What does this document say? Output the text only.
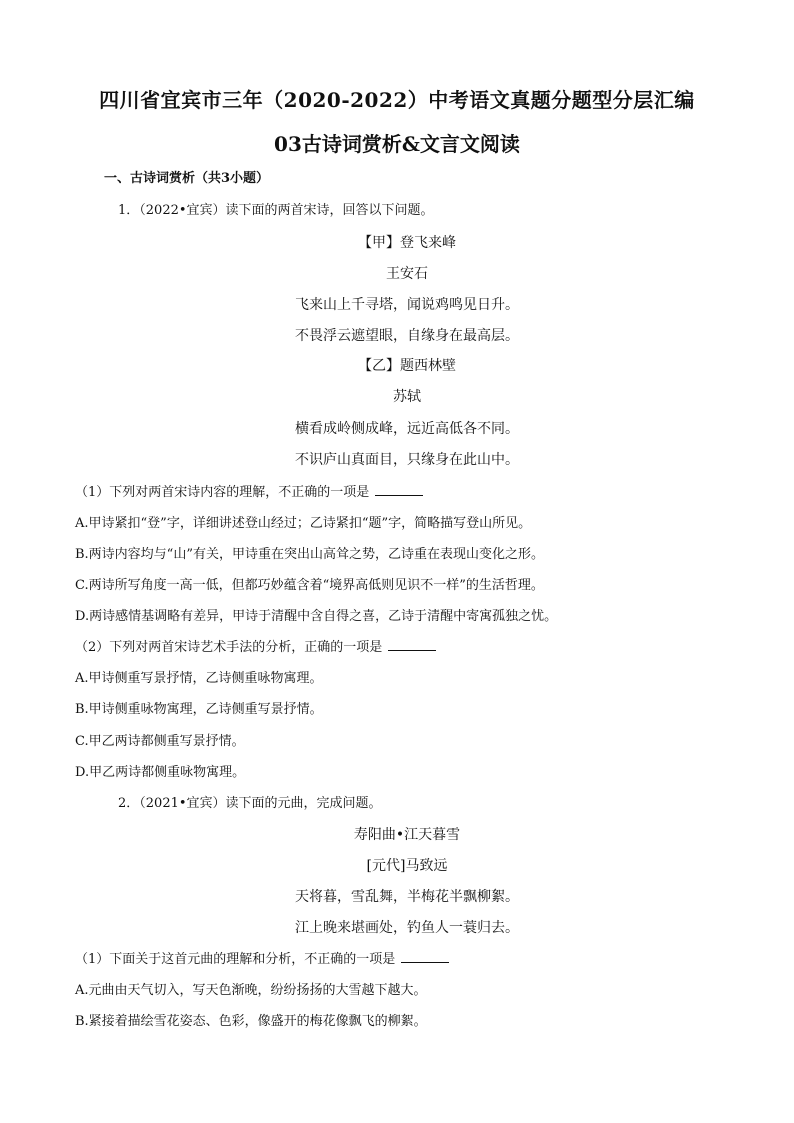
四川省宜宾市三年（2020-2022）中考语文真题分题型分层汇编
03古诗词赏析&文言文阅读
一、古诗词赏析（共3小题）
1．（2022•宜宾）读下面的两首宋诗，回答以下问题。
【甲】登飞来峰
王安石
飞来山上千寻塔，闻说鸡鸣见日升。
不畏浮云遮望眼，自缘身在最高层。
【乙】题西林壁
苏轼
横看成岭侧成峰，远近高低各不同。
不识庐山真面目，只缘身在此山中。
（1）下列对两首宋诗内容的理解，不正确的一项是
A.甲诗紧扣“登”字，详细讲述登山经过；乙诗紧扣“题”字，简略描写登山所见。
B.两诗内容均与“山”有关，甲诗重在突出山高耸之势，乙诗重在表现山变化之形。
C.两诗所写角度一高一低，但都巧妙蕴含着“境界高低则见识不一样”的生活哲理。
D.两诗感情基调略有差异，甲诗于清醒中含自得之喜，乙诗于清醒中寄寓孤独之忧。
（2）下列对两首宋诗艺术手法的分析，正确的一项是
A.甲诗侧重写景抒情，乙诗侧重咏物寓理。
B.甲诗侧重咏物寓理，乙诗侧重写景抒情。
C.甲乙两诗都侧重写景抒情。
D.甲乙两诗都侧重咏物寓理。
2．（2021•宜宾）读下面的元曲，完成问题。
寿阳曲•江天暮雪
[元代]马致远
天将暮，雪乱舞，半梅花半飘柳絮。
江上晚来堪画处，钓鱼人一蓑归去。
（1）下面关于这首元曲的理解和分析，不正确的一项是
A.元曲由天气切入，写天色渐晚，纷纷扬扬的大雪越下越大。
B.紧接着描绘雪花姿态、色彩，像盛开的梅花像飘飞的柳絮。
